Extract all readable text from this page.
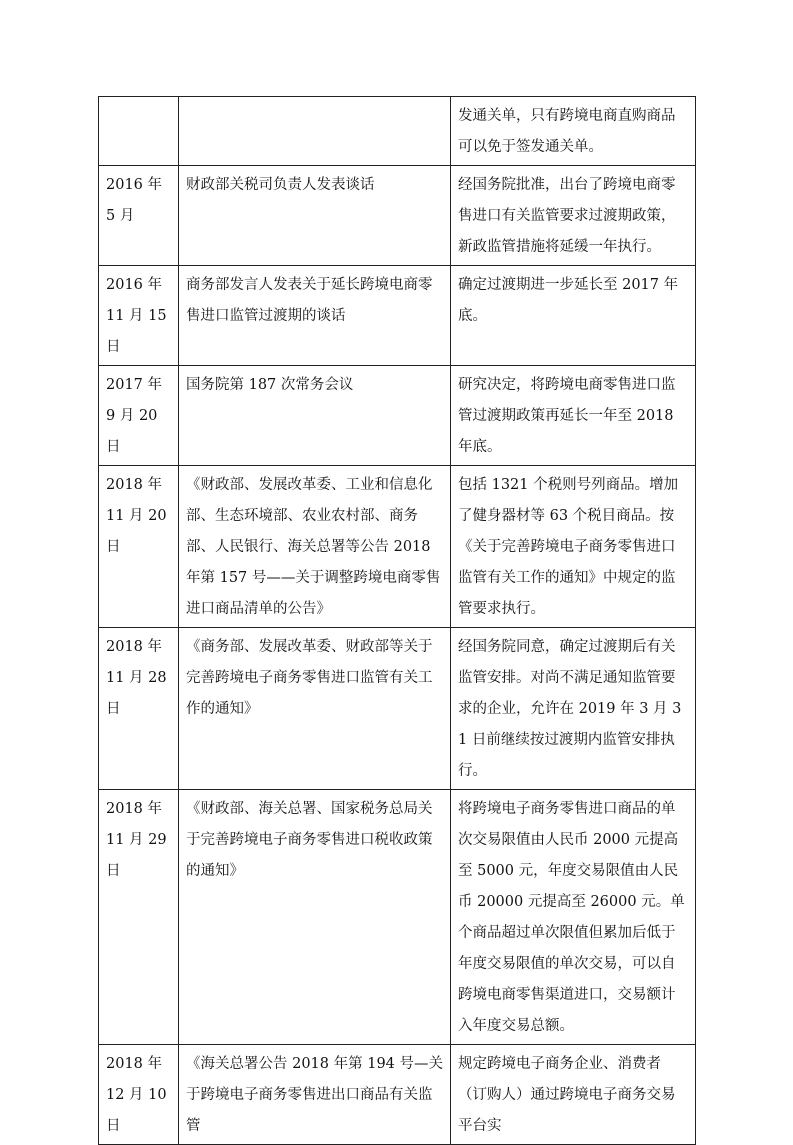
		发通关单，只有跨境电商直购商品可以免于签发通关单。
2016 年 5 月	财政部关税司负责人发表谈话	经国务院批准，出台了跨境电商零售进口有关监管要求过渡期政策，新政监管措施将延缓一年执行。
2016 年 11 月 15 日	商务部发言人发表关于延长跨境电商零售进口监管过渡期的谈话	确定过渡期进一步延长至 2017 年底。
2017 年 9 月 20 日	国务院第 187 次常务会议	研究决定，将跨境电商零售进口监管过渡期政策再延长一年至 2018 年底。
2018 年 11 月 20 日	《财政部、发展改革委、工业和信息化部、生态环境部、农业农村部、商务部、人民银行、海关总署等公告 2018 年第 157 号——关于调整跨境电商零售进口商品清单的公告》	包括 1321 个税则号列商品。增加了健身器材等 63 个税目商品。按《关于完善跨境电子商务零售进口监管有关工作的通知》中规定的监管要求执行。
2018 年 11 月 28 日	《商务部、发展改革委、财政部等关于完善跨境电子商务零售进口监管有关工作的通知》	经国务院同意，确定过渡期后有关监管安排。对尚不满足通知监管要求的企业，允许在 2019 年 3 月 31 日前继续按过渡期内监管安排执行。
2018 年 11 月 29 日	《财政部、海关总署、国家税务总局关于完善跨境电子商务零售进口税收政策的通知》	将跨境电子商务零售进口商品的单次交易限值由人民币 2000 元提高至 5000 元，年度交易限值由人民币 20000 元提高至 26000 元。单个商品超过单次限值但累加后低于年度交易限值的单次交易，可以自跨境电商零售渠道进口，交易额计入年度交易总额。
2018 年 12 月 10 日	《海关总署公告 2018 年第 194 号—关于跨境电子商务零售进出口商品有关监管	规定跨境电子商务企业、消费者（订购人）通过跨境电子商务交易平台实
